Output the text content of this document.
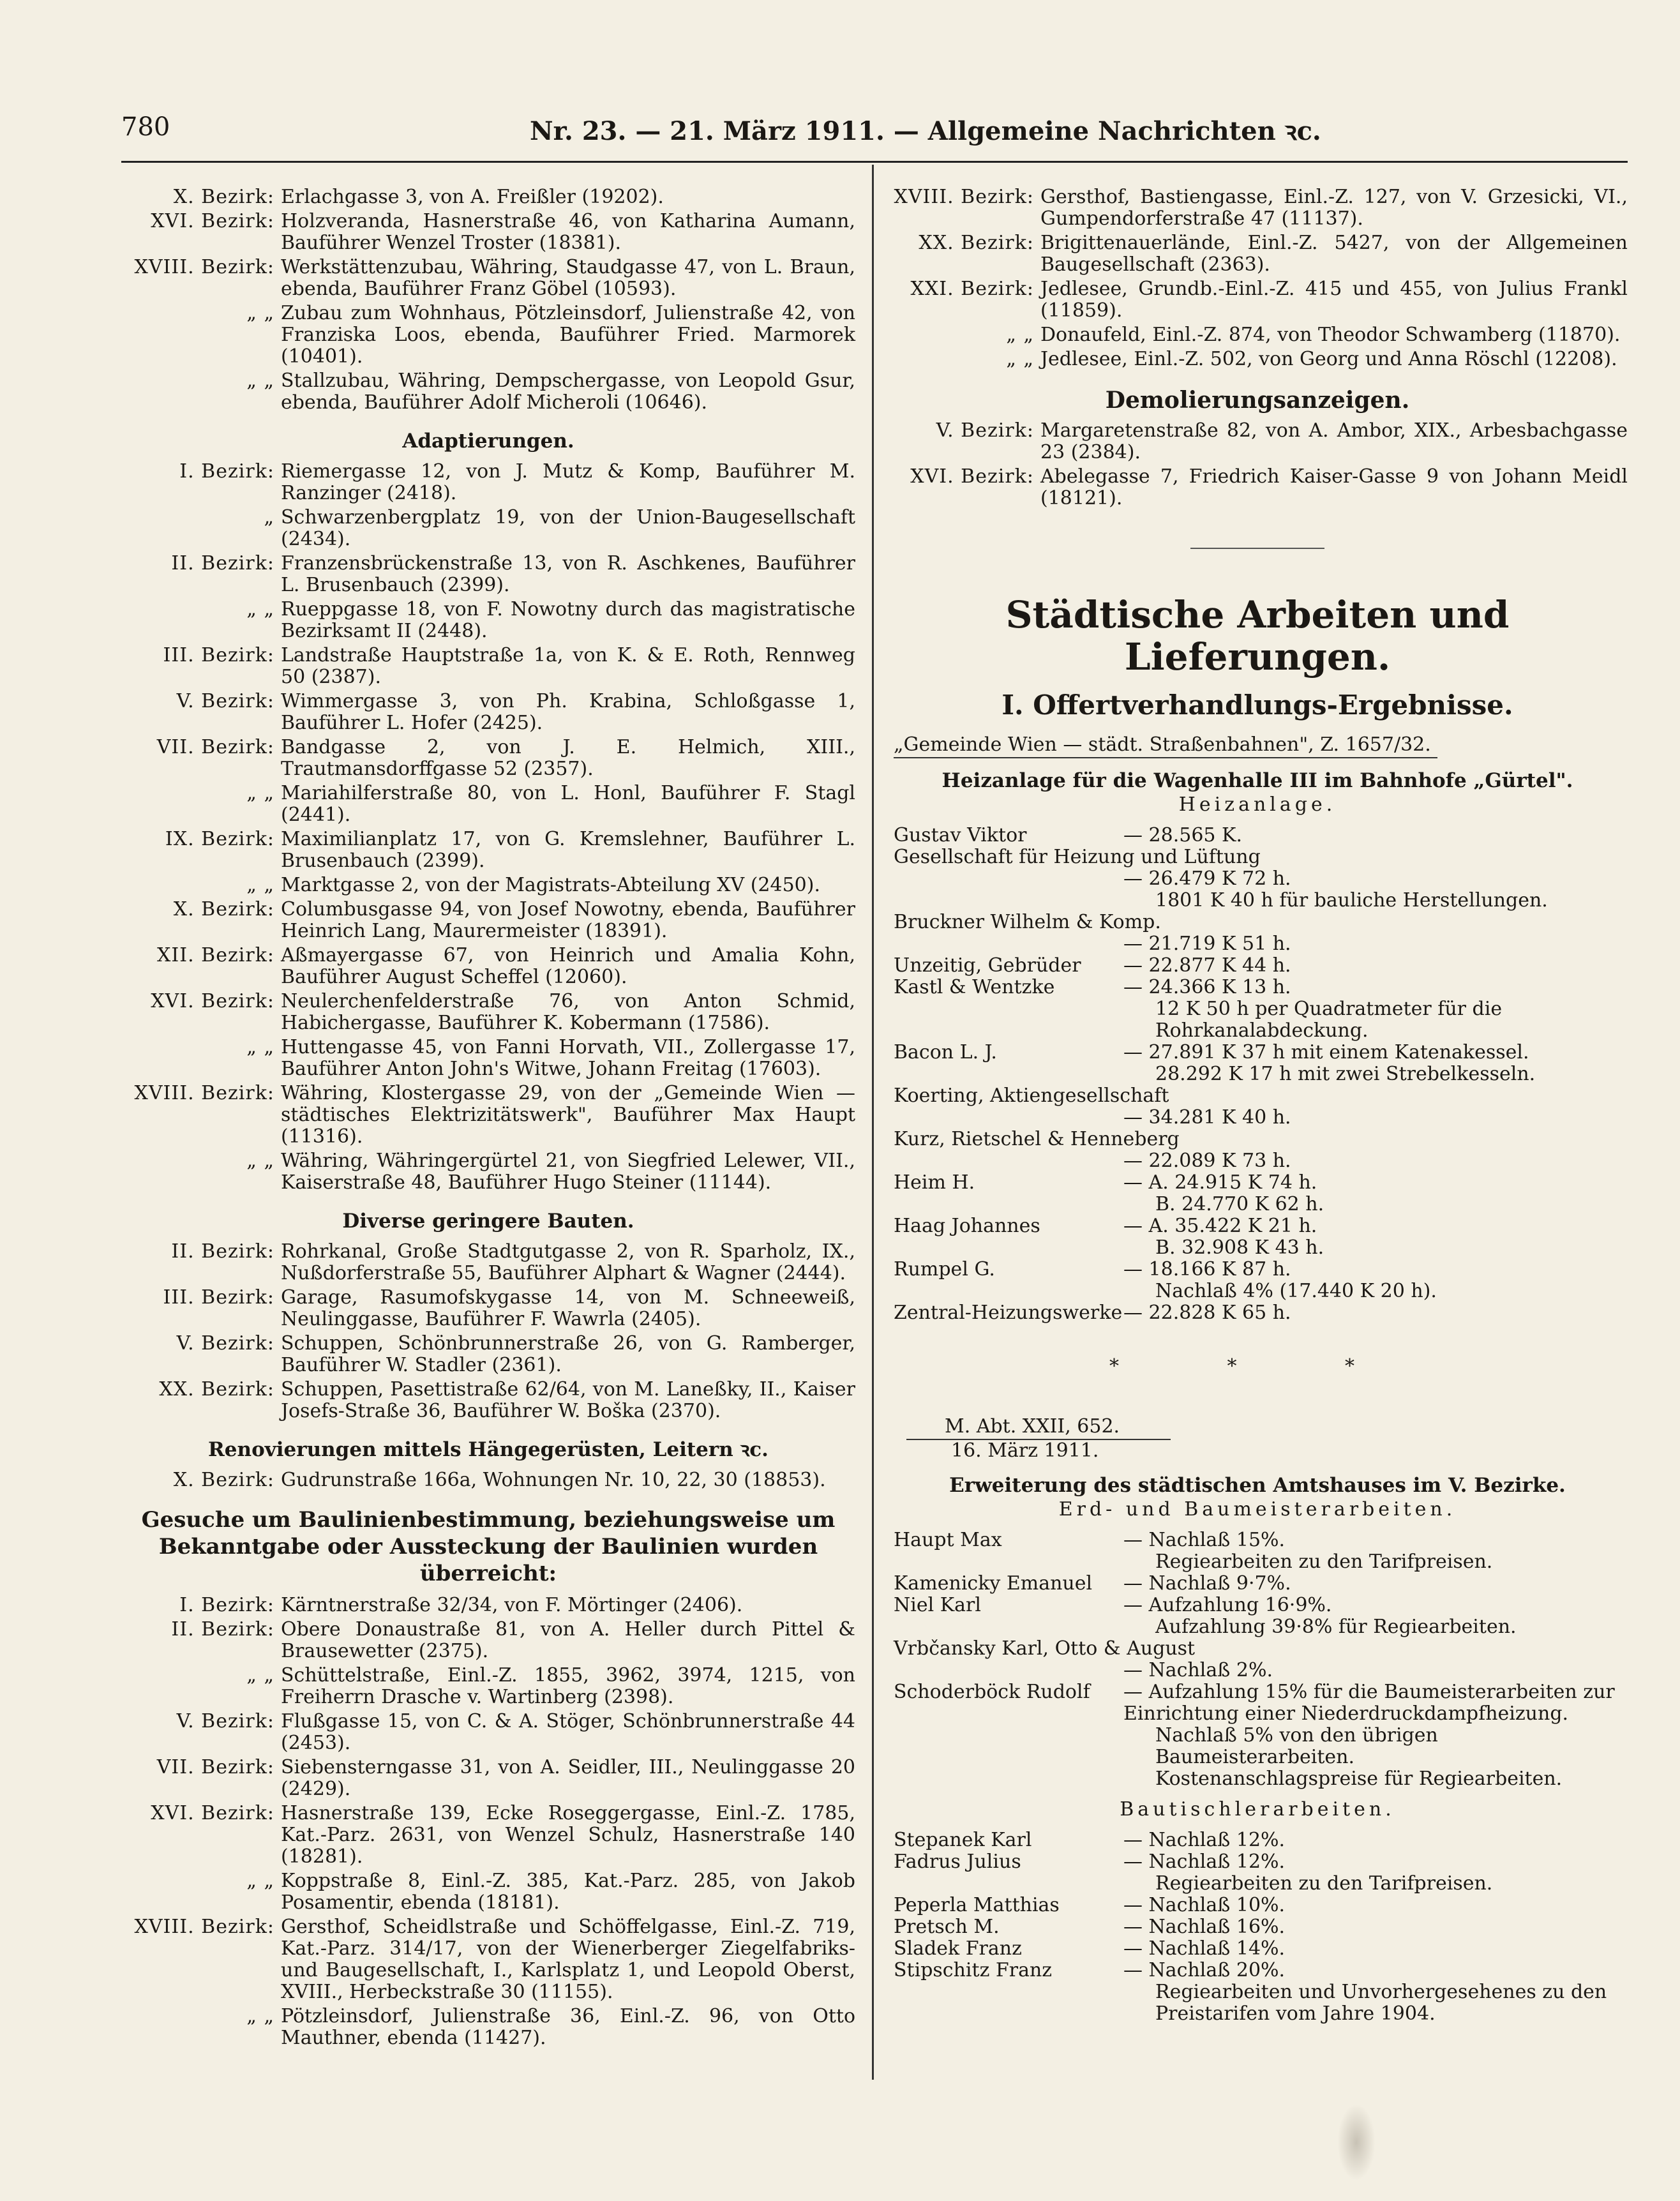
780	Nr. 23. — 21. März 1911. — Allgemeine Nachrichten ꝛc.
X. Bezirk: Erlachgasse 3, von A. Freißler (19202).
XVI. Bezirk: Holzveranda, Hasnerstraße 46, von Katharina Aumann, Bauführer Wenzel Troster (18381).
XVIII. Bezirk: Werkstättenzubau, Währing, Staudgasse 47, von L. Braun, ebenda, Bauführer Franz Göbel (10593).
„ „ Zubau zum Wohnhaus, Pötzleinsdorf, Julienstraße 42, von Franziska Loos, ebenda, Bauführer Fried. Marmorek (10401).
„ „ Stallzubau, Währing, Dempschergasse, von Leopold Gsur, ebenda, Bauführer Adolf Micheroli (10646).
Adaptierungen.
I. Bezirk: Riemergasse 12, von J. Mutz & Komp, Bauführer M. Ranzinger (2418).
„ Schwarzenbergplatz 19, von der Union-Baugesellschaft (2434).
II. Bezirk: Franzensbrückenstraße 13, von R. Aschkenes, Bauführer L. Brusenbauch (2399).
„ „ Rueppgasse 18, von F. Nowotny durch das magistratische Bezirksamt II (2448).
III. Bezirk: Landstraße Hauptstraße 1a, von K. & E. Roth, Rennweg 50 (2387).
V. Bezirk: Wimmergasse 3, von Ph. Krabina, Schloßgasse 1, Bauführer L. Hofer (2425).
VII. Bezirk: Bandgasse 2, von J. E. Helmich, XIII., Trautmansdorffgasse 52 (2357).
„ „ Mariahilferstraße 80, von L. Honl, Bauführer F. Stagl (2441).
IX. Bezirk: Maximilianplatz 17, von G. Kremslehner, Bauführer L. Brusenbauch (2399).
„ „ Marktgasse 2, von der Magistrats-Abteilung XV (2450).
X. Bezirk: Columbusgasse 94, von Josef Nowotny, ebenda, Bauführer Heinrich Lang, Maurermeister (18391).
XII. Bezirk: Aßmayergasse 67, von Heinrich und Amalia Kohn, Bauführer August Scheffel (12060).
XVI. Bezirk: Neulerchenfelderstraße 76, von Anton Schmid, Habichergasse, Bauführer K. Kobermann (17586).
„ „ Huttengasse 45, von Fanni Horvath, VII., Zollergasse 17, Bauführer Anton John's Witwe, Johann Freitag (17603).
XVIII. Bezirk: Währing, Klostergasse 29, von der „Gemeinde Wien — städtisches Elektrizitätswerk", Bauführer Max Haupt (11316).
„ „ Währing, Währingergürtel 21, von Siegfried Lelewer, VII., Kaiserstraße 48, Bauführer Hugo Steiner (11144).
Diverse geringere Bauten.
II. Bezirk: Rohrkanal, Große Stadtgutgasse 2, von R. Sparholz, IX., Nußdorferstraße 55, Bauführer Alphart & Wagner (2444).
III. Bezirk: Garage, Rasumofskygasse 14, von M. Schneeweiß, Neulinggasse, Bauführer F. Wawrla (2405).
V. Bezirk: Schuppen, Schönbrunnerstraße 26, von G. Ramberger, Bauführer W. Stadler (2361).
XX. Bezirk: Schuppen, Pasettistraße 62/64, von M. Laneßky, II., Kaiser Josefs-Straße 36, Bauführer W. Boška (2370).
Renovierungen mittels Hängegerüsten, Leitern ꝛc.
X. Bezirk: Gudrunstraße 166a, Wohnungen Nr. 10, 22, 30 (18853).
Gesuche um Baulinienbestimmung, beziehungsweise um Bekanntgabe oder Aussteckung der Baulinien wurden überreicht:
I. Bezirk: Kärntnerstraße 32/34, von F. Mörtinger (2406).
II. Bezirk: Obere Donaustraße 81, von A. Heller durch Pittel & Brausewetter (2375).
„ „ Schüttelstraße, Einl.-Z. 1855, 3962, 3974, 1215, von Freiherrn Drasche v. Wartinberg (2398).
V. Bezirk: Flußgasse 15, von C. & A. Stöger, Schönbrunnerstraße 44 (2453).
VII. Bezirk: Siebensterngasse 31, von A. Seidler, III., Neulinggasse 20 (2429).
XVI. Bezirk: Hasnerstraße 139, Ecke Roseggergasse, Einl.-Z. 1785, Kat.-Parz. 2631, von Wenzel Schulz, Hasnerstraße 140 (18281).
„ „ Koppstraße 8, Einl.-Z. 385, Kat.-Parz. 285, von Jakob Posamentir, ebenda (18181).
XVIII. Bezirk: Gersthof, Scheidlstraße und Schöffelgasse, Einl.-Z. 719, Kat.-Parz. 314/17, von der Wienerberger Ziegelfabriks- und Baugesellschaft, I., Karlsplatz 1, und Leopold Oberst, XVIII., Herbeckstraße 30 (11155).
„ „ Pötzleinsdorf, Julienstraße 36, Einl.-Z. 96, von Otto Mauthner, ebenda (11427).
XVIII. Bezirk: Gersthof, Bastiengasse, Einl.-Z. 127, von V. Grzesicki, VI., Gumpendorferstraße 47 (11137).
XX. Bezirk: Brigittenauerlände, Einl.-Z. 5427, von der Allgemeinen Baugesellschaft (2363).
XXI. Bezirk: Jedlesee, Grundb.-Einl.-Z. 415 und 455, von Julius Frankl (11859).
„ „ Donaufeld, Einl.-Z. 874, von Theodor Schwamberg (11870).
„ „ Jedlesee, Einl.-Z. 502, von Georg und Anna Röschl (12208).
Demolierungsanzeigen.
V. Bezirk: Margaretenstraße 82, von A. Ambor, XIX., Arbesbachgasse 23 (2384).
XVI. Bezirk: Abelegasse 7, Friedrich Kaiser-Gasse 9 von Johann Meidl (18121).
Städtische Arbeiten und Lieferungen.
I. Offertverhandlungs-Ergebnisse.
„Gemeinde Wien — städt. Straßenbahnen", Z. 1657/32.
Heizanlage für die Wagenhalle III im Bahnhofe „Gürtel".
Heizanlage.
Gustav Viktor	— 28.565 K.
Gesellschaft für Heizung und Lüftung
— 26.479 K 72 h.
1801 K 40 h für bauliche Herstellungen.
Bruckner Wilhelm & Komp.
— 21.719 K 51 h.
Unzeitig, Gebrüder	— 22.877 K 44 h.
Kastl & Wentzke	— 24.366 K 13 h.
12 K 50 h per Quadratmeter für die Rohrkanalabdeckung.
Bacon L. J.	— 27.891 K 37 h mit einem Katenakessel.
28.292 K 17 h mit zwei Strebelkesseln.
Koerting, Aktiengesellschaft
— 34.281 K 40 h.
Kurz, Rietschel & Henneberg
— 22.089 K 73 h.
Heim H.	— A. 24.915 K 74 h.
B. 24.770 K 62 h.
Haag Johannes	— A. 35.422 K 21 h.
B. 32.908 K 43 h.
Rumpel G.	— 18.166 K 87 h.
Nachlaß 4% (17.440 K 20 h).
Zentral-Heizungswerke — 22.828 K 65 h.
* * *
M. Abt. XXII, 652.
16. März 1911.
Erweiterung des städtischen Amtshauses im V. Bezirke.
Erd- und Baumeisterarbeiten.
Haupt Max	— Nachlaß 15%.
Regiearbeiten zu den Tarifpreisen.
Kamenicky Emanuel	— Nachlaß 9·7%.
Niel Karl	— Aufzahlung 16·9%.
Aufzahlung 39·8% für Regiearbeiten.
Vrbčansky Karl, Otto & August
— Nachlaß 2%.
Schoderböck Rudolf	— Aufzahlung 15% für die Baumeisterarbeiten zur Einrichtung einer Niederdruckdampfheizung.
Nachlaß 5% von den übrigen Baumeisterarbeiten.
Kostenanschlagspreise für Regiearbeiten.
Bautischlerarbeiten.
Stepanek Karl	— Nachlaß 12%.
Fadrus Julius	— Nachlaß 12%.
Regiearbeiten zu den Tarifpreisen.
Peperla Matthias	— Nachlaß 10%.
Pretsch M.	— Nachlaß 16%.
Sladek Franz	— Nachlaß 14%.
Stipschitz Franz	— Nachlaß 20%.
Regiearbeiten und Unvorhergesehenes zu den Preistarifen vom Jahre 1904.
